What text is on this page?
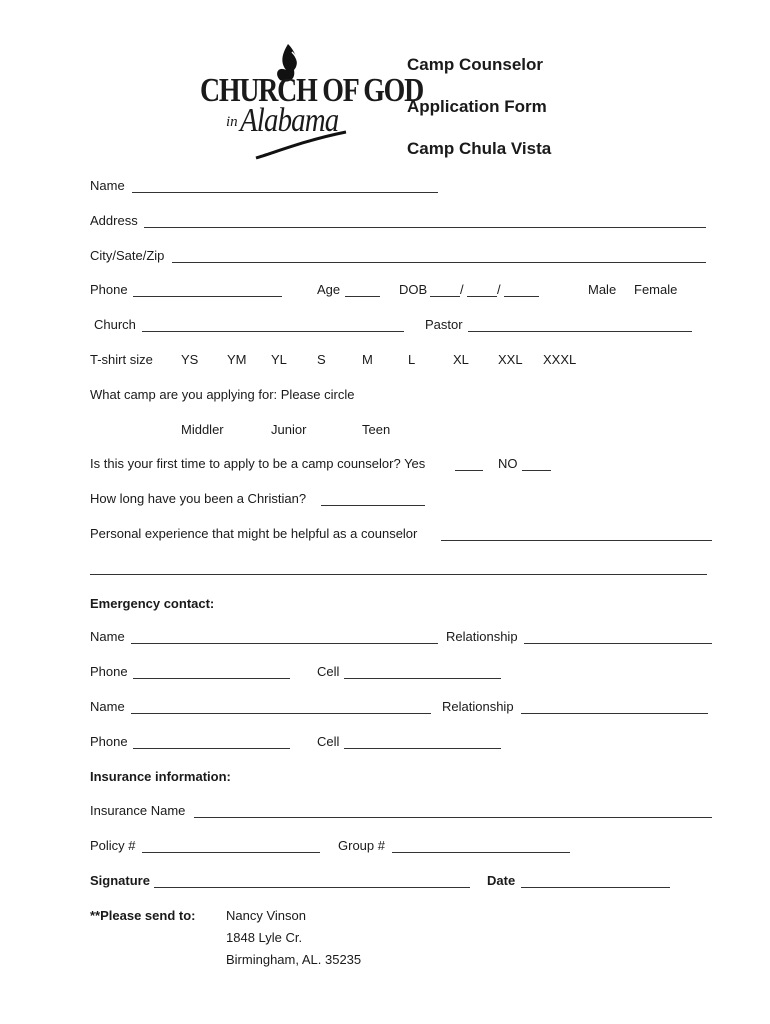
CHURCH OF GOD
in Alabama
Camp Counselor
Application Form
Camp Chula Vista
Name
Address
City/Sate/Zip
Phone	Age	DOB	/	/	Male Female
Church	Pastor
T-shirt size YS YM YL S	M	L	XL XXL XXXL
What camp are you applying for: Please circle
Middler	Junior	Teen
Is this your first time to apply to be a camp counselor? Yes	NO
How long have you been a Christian?
Personal experience that might be helpful as a counselor
Emergency contact:
Name	Relationship
Phone	Cell
Name	Relationship
Phone	Cell
Insurance information:
Insurance Name
Policy #	Group #
Signature	Date
**Please send to: Nancy Vinson
1848 Lyle Cr.
Birmingham, AL. 35235
